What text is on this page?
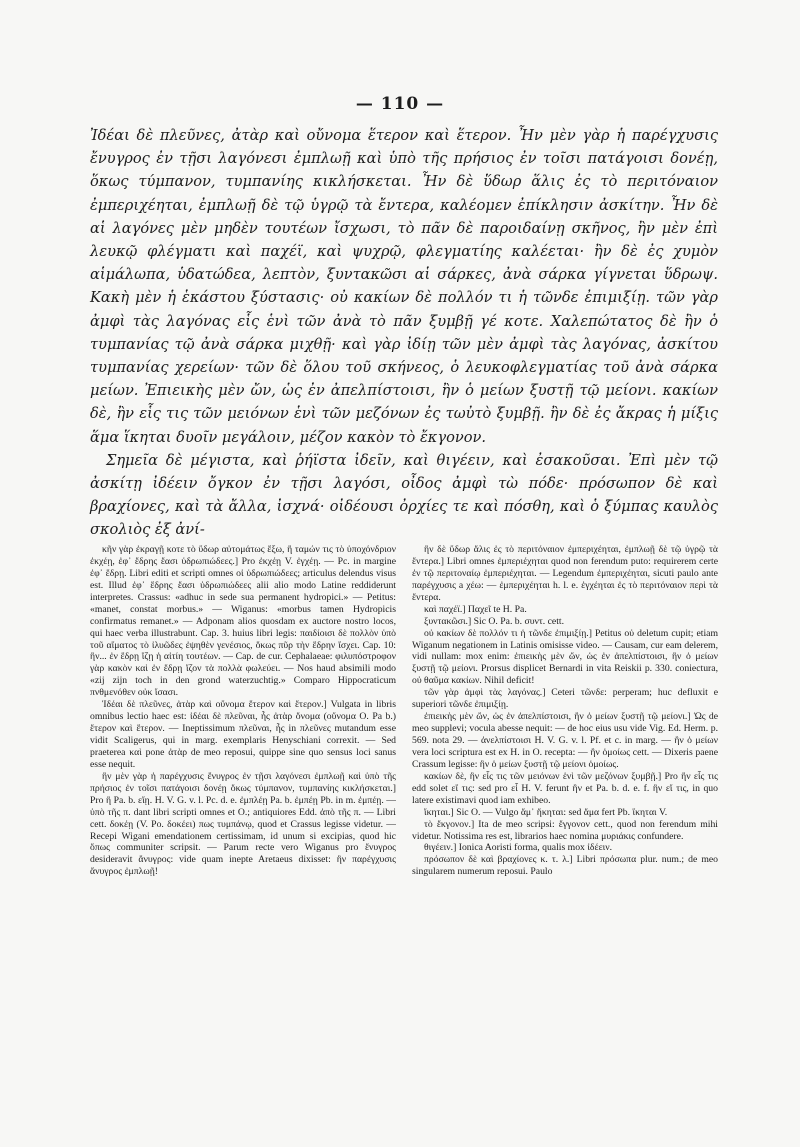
— 110 —

Ἰδέαι δὲ πλεῦνες, ἀτὰρ καὶ οὔνομα ἕτερον καὶ ἕτερον. Ἦν μὲν γὰρ ἡ παρέγχυσις ἔνυγρος ἐν τῇσι λαγόνεσι ἐμπλωῇ καὶ ὑπὸ τῆς πρήσιος ἐν τοῖσι πατάγοισι δονέῃ, ὅκως τύμπανον, τυμπανίης κικλήσκεται. Ἦν δὲ ὕδωρ ἅλις ἐς τὸ περιτόναιον ἐμπεριχέηται, ἐμπλωῇ δὲ τῷ ὑγρῷ τὰ ἔντερα, καλέομεν ἐπίκλησιν ἀσκίτην. Ἦν δὲ αἱ λαγόνες μὲν μηδὲν τουτέων ἴσχωσι, τὸ πᾶν δὲ παροιδαίνῃ σκῆνος, ἢν μὲν ἐπὶ λευκῷ φλέγματι καὶ παχέϊ, καὶ ψυχρῷ, φλεγματίης καλέεται· ἢν δὲ ἐς χυμὸν αἱμάλωπα, ὑδατώδεα, λεπτὸν, ξυντακῶσι αἱ σάρκες, ἀνὰ σάρκα γίγνεται ὕδρωψ. Κακὴ μὲν ἡ ἑκάστου ξύστασις· οὐ κακίων δὲ πολλόν τι ἡ τῶνδε ἐπιμιξίῃ. τῶν γὰρ ἀμφὶ τὰς λαγόνας εἷς ἑνὶ τῶν ἀνὰ τὸ πᾶν ξυμβῇ γέ κοτε. Χαλεπώτατος δὲ ἢν ὁ τυμπανίας τῷ ἀνὰ σάρκα μιχθῇ· καὶ γὰρ ἰδίῃ τῶν μὲν ἀμφὶ τὰς λαγόνας, ἀσκίτου τυμπανίας χερείων· τῶν δὲ ὅλου τοῦ σκήνεος, ὁ λευκοφλεγματίας τοῦ ἀνὰ σάρκα μείων. Ἐπιεικὴς μὲν ὤν, ὡς ἐν ἀπελπίστοισι, ἢν ὁ μείων ξυστῇ τῷ μείονι. κακίων δὲ, ἢν εἷς τις τῶν μειόνων ἑνὶ τῶν μεζόνων ἐς τωὐτὸ ξυμβῇ. ἢν δὲ ἐς ἄκρας ἡ μίξις ἅμα ἵκηται δυοῖν μεγάλοιν, μέζον κακὸν τὸ ἔκγονον.

Σημεῖα δὲ μέγιστα, καὶ ῥήϊστα ἰδεῖν, καὶ θιγέειν, καὶ ἐσακοῦσαι. Ἐπὶ μὲν τῷ ἀσκίτῃ ἰδέειν ὄγκον ἐν τῇσι λαγόσι, οἶδος ἀμφὶ τὼ πόδε· πρόσωπον δὲ καὶ βραχίονες, καὶ τὰ ἄλλα, ἰσχνά· οἰδέουσι ὀρχίες τε καὶ πόσθη, καὶ ὁ ξύμπας καυλὸς σκολιὸς ἐξ ἀνί-

κῆν γὰρ ἐκραγῇ κοτε τὸ ὕδωρ αὐτομάτως ἔξω, ἢ ταμών τις τὸ ὑποχόνδριον ἐκχέῃ, ἐφ᾽ ἕδρης ἔασι ὑδρωπιώδεες.] Pro ἐκχέῃ V. ἐγχέῃ. — Pc. in margine ἐφ᾽ ἕδρῃ. Libri editi et scripti omnes οἱ ὑδρωπιώδεες; articulus delendus visus est. Illud ἐφ᾽ ἕδρης ἔασι ὑδρωπιώδεες alii alio modo Latine reddiderunt interpretes. Crassus: «adhuc in sede sua permanent hydropici.» — Petitus: «manet, constat morbus.» — Wiganus: «morbus tamen Hydropicis confirmatus remanet.» — Adponam alios quosdam ex auctore nostro locos, qui haec verba illustrabunt. Cap. 3. huius libri legis: παιδίοισι δὲ πολλὸν ὑπὸ τοῦ αἵματος τὸ ἰλυῶδες ἐψηθὲν γενέσιος, ὅκως πῦρ τὴν ἕδρην ἴσχει. Cap. 10: ἢν... ἐν ἕδρῃ ἴζῃ ἡ αἰτίη τουτέων. — Cap. de cur. Cephalaeae: φιλυπόστροφον γὰρ κακὸν καὶ ἐν ἕδρῃ ἴζον τὰ πολλὰ φωλεύει. — Nos haud absimili modo «zij zijn toch in den grond waterzuchtig.» Comparo Hippocraticum πνθμενόθεν οὐκ ἴσασι.

Ἰδέαι δὲ πλεῦνες, ἀτὰρ καὶ οὔνομα ἕτερον καὶ ἕτερον.] Vulgata in libris omnibus lectio haec est: ἰδέαι δὲ πλεῦναι, ἧς ἀτὰρ ὄνομα (οὔνομα O. Pa b.) ἕτερον καὶ ἕτερον. — Ineptissimum πλεῦναι, ἧς in πλεῦνες mutandum esse vidit Scaligerus, qui in marg. exemplaris Henyschiani correxit. — Sed praeterea καὶ pone ἀτὰρ de meo reposui, quippe sine quo sensus loci sanus esse nequit.

ἢν μὲν γὰρ ἡ παρέγχυσις ἔνυγρος ἐν τῇσι λαγόνεσι ἐμπλωῇ καὶ ὑπὸ τῆς πρήσιος ἐν τοῖσι πατάγοισι δονέῃ ὅκως τύμπανον, τυμπανίης κικλήσκεται.] Pro ἢ Pa. b. εἴῃ. H. V. G. v. l. Pc. d. e. ἐμπλέῃ Pa. b. ἐμπέῃ Pb. in m. ἐμπέῃ. — ὑπὸ τῆς π. dant libri scripti omnes et O.; antiquiores Edd. ἀπὸ τῆς π. — Libri cett. δοκέῃ (V. Po. δοκέει) πως τυμπάνῳ, quod et Crassus legisse videtur. — Recepi Wigani emendationem certissimam, id unum si excipias, quod hic ὅπως communiter scripsit. — Parum recte vero Wiganus pro ἔνυγρος desideravit ἄνυγρος: vide quam inepte Aretaeus dixisset: ἢν παρέγχυσις ἄνυγρος ἐμπλωῇ!

ἢν δὲ ὕδωρ ἅλις ἐς τὸ περιτόναιον ἐμπεριχέηται, ἐμπλωῇ δὲ τῷ ὑγρῷ τὰ ἔντερα.] Libri omnes ἐμπεριέχηται quod non ferendum puto: requirerem certe ἐν τῷ περιτοναίῳ ἐμπεριέχηται. — Legendum ἐμπεριχέηται, sicuti paulo ante παρέγχυσις a χέω: — ἐμπεριχέηται h. l. e. ἐγχέηται ἐς τὸ περιτόναιον περὶ τὰ ἔντερα.

καὶ παχέϊ.] Παχεῖ te H. Pa.

ξυντακῶσι.] Sic O. Pa. b. συντ. cett.

οὐ κακίων δὲ πολλόν τι ἡ τῶνδε ἐπιμιξίῃ.] Petitus οὐ deletum cupit; etiam Wiganum negationem in Latinis omisisse video. — Causam, cur eam delerem, vidi nullam: mox enim: ἐπιεικὴς μὲν ὤν, ὡς ἐν ἀπελπίστοισι, ἢν ὁ μείων ξυστῇ τῷ μείονι. Prorsus displicet Bernardi in vita Reiskii p. 330. coniectura, οὐ θαῦμα κακίων. Nihil deficit!

τῶν γὰρ ἀμφὶ τὰς λαγόνας.] Ceteri τῶνδε: perperam; huc defluxit e superiori τῶνδε ἐπιμιξίῃ.

ἐπιεικὴς μὲν ὤν, ὡς ἐν ἀπελπίστοισι, ἢν ὁ μείων ξυστῇ τῷ μείονι.] Ὡς de meo supplevi; vocula abesse nequit: — de hoc eius usu vide Vig. Ed. Herm. p. 569. nota 29. — ἀνελπίστοισι H. V. G. v. l. Pf. et c. in marg. — ἢν ὁ μείων vera loci scriptura est ex H. in O. recepta: — ἢν ὁμοίως cett. — Dixeris paene Crassum legisse: ἢν ὁ μείων ξυστῇ τῷ μείονι ὁμοίως.

κακίων δὲ, ἢν εἷς τις τῶν μειόνων ἑνὶ τῶν μεζόνων ξυμβῇ.] Pro ἢν εἷς τις edd solet εἴ τις: sed pro εἷ H. V. ferunt ἢν et Pa. b. d. e. f. ἢν εἴ τις, in quo latere existimavi quod iam exhibeo.

ἵκηται.] Sic O. — Vulgo ἅμ᾽ ἥκηται: sed ἅμα fert Pb. ἵκηται V.

τὸ ἔκγονον.] Ita de meo scripsi: ἔγγονον cett., quod non ferendum mihi videtur. Notissima res est, librarios haec nomina μυριάκις confundere.

θιγέειν.] Ionica Aoristi forma, qualis mox ἰδέειν.

πρόσωπον δὲ καὶ βραχίονες κ. τ. λ.] Libri πρόσωπα plur. num.; de meo singularem numerum reposui. Paulo
